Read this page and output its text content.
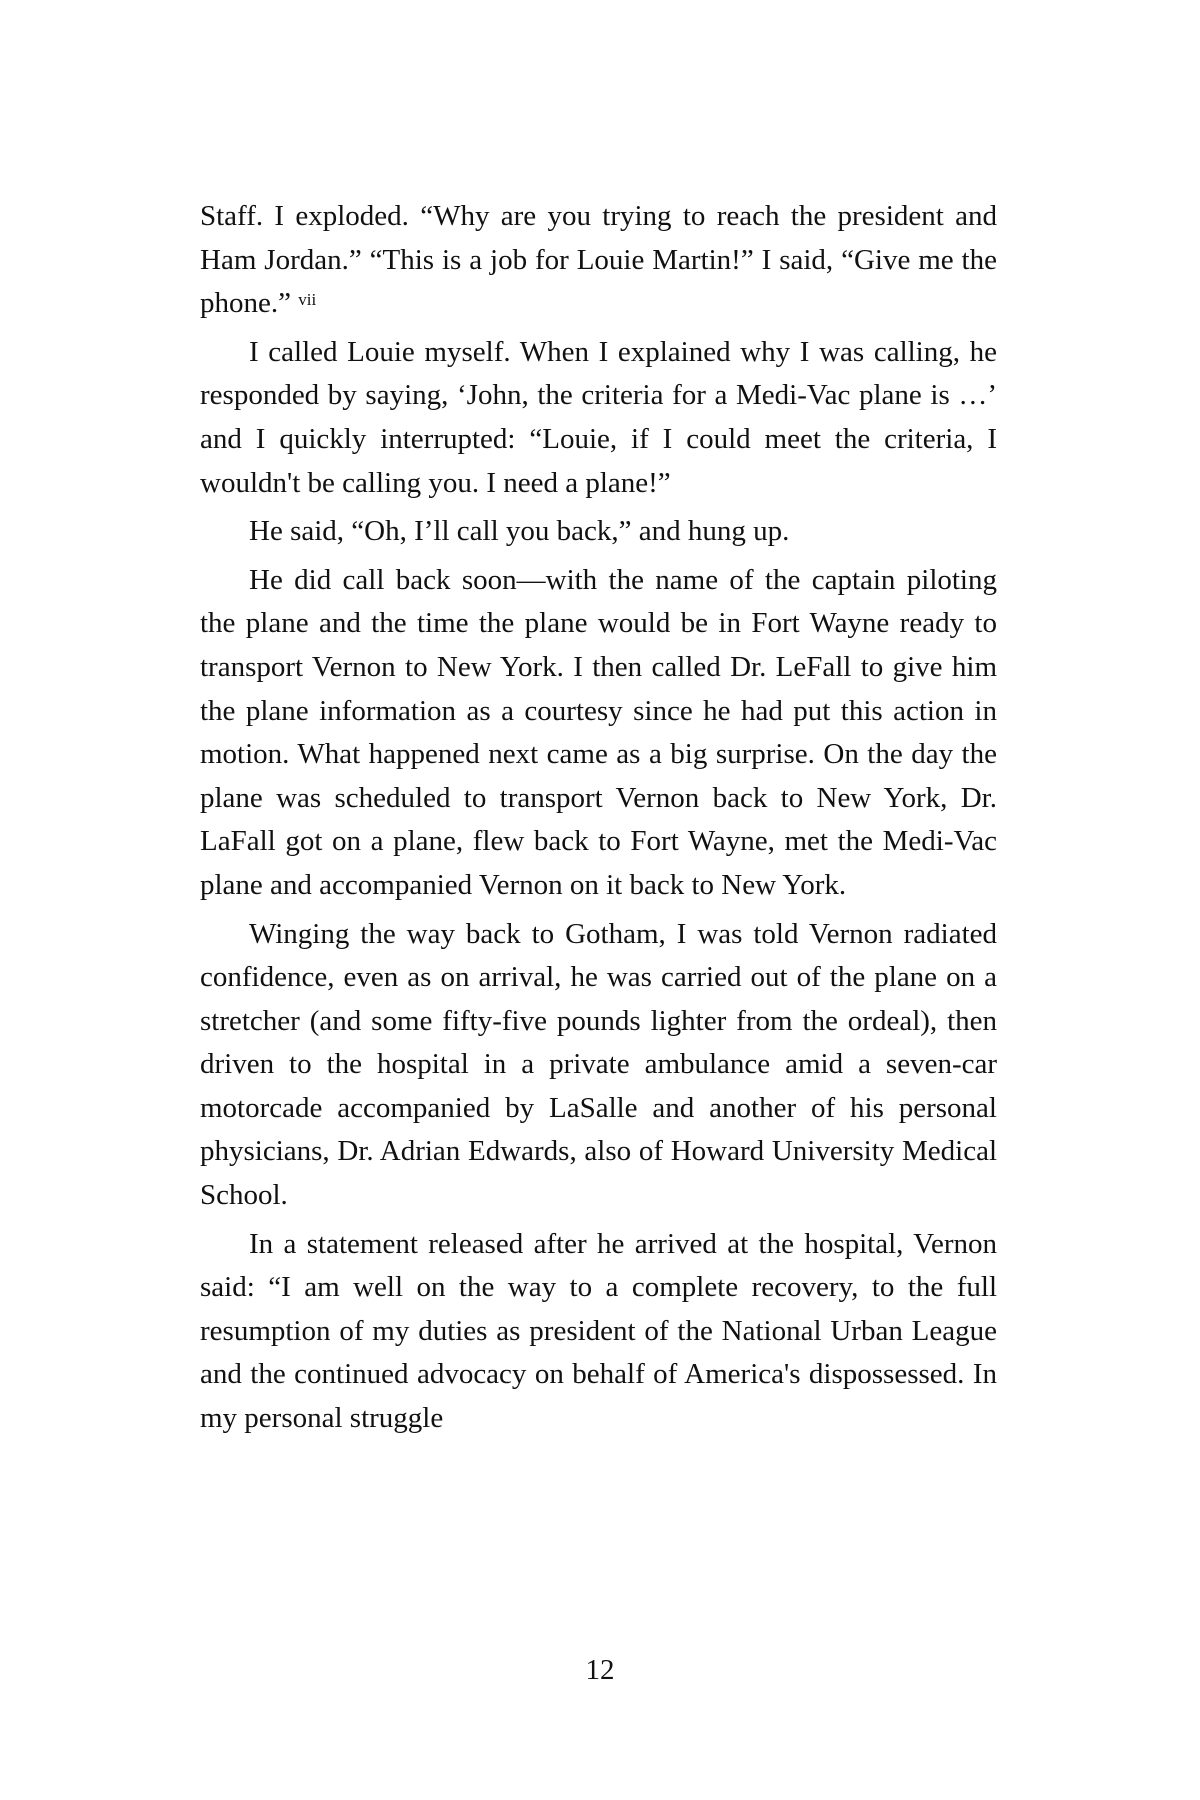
Staff. I exploded. “Why are you trying to reach the president and Ham Jordan.” “This is a job for Louie Martin!” I said, “Give me the phone.” $^{vii}$

I called Louie myself. When I explained why I was calling, he responded by saying, ‘John, the criteria for a Medi-Vac plane is …’ and I quickly interrupted: “Louie, if I could meet the criteria, I wouldn't be calling you. I need a plane!”

He said, “Oh, I’ll call you back,” and hung up.

He did call back soon—with the name of the captain piloting the plane and the time the plane would be in Fort Wayne ready to transport Vernon to New York. I then called Dr. LeFall to give him the plane information as a courtesy since he had put this action in motion. What happened next came as a big surprise. On the day the plane was scheduled to transport Vernon back to New York, Dr. LaFall got on a plane, flew back to Fort Wayne, met the Medi-Vac plane and accompanied Vernon on it back to New York.

Winging the way back to Gotham, I was told Vernon radiated confidence, even as on arrival, he was carried out of the plane on a stretcher (and some fifty-five pounds lighter from the ordeal), then driven to the hospital in a private ambulance amid a seven-car motorcade accompanied by LaSalle and another of his personal physicians, Dr. Adrian Edwards, also of Howard University Medical School.

In a statement released after he arrived at the hospital, Vernon said: “I am well on the way to a complete recovery, to the full resumption of my duties as president of the National Urban League and the continued advocacy on behalf of America's dispossessed. In my personal struggle

12
